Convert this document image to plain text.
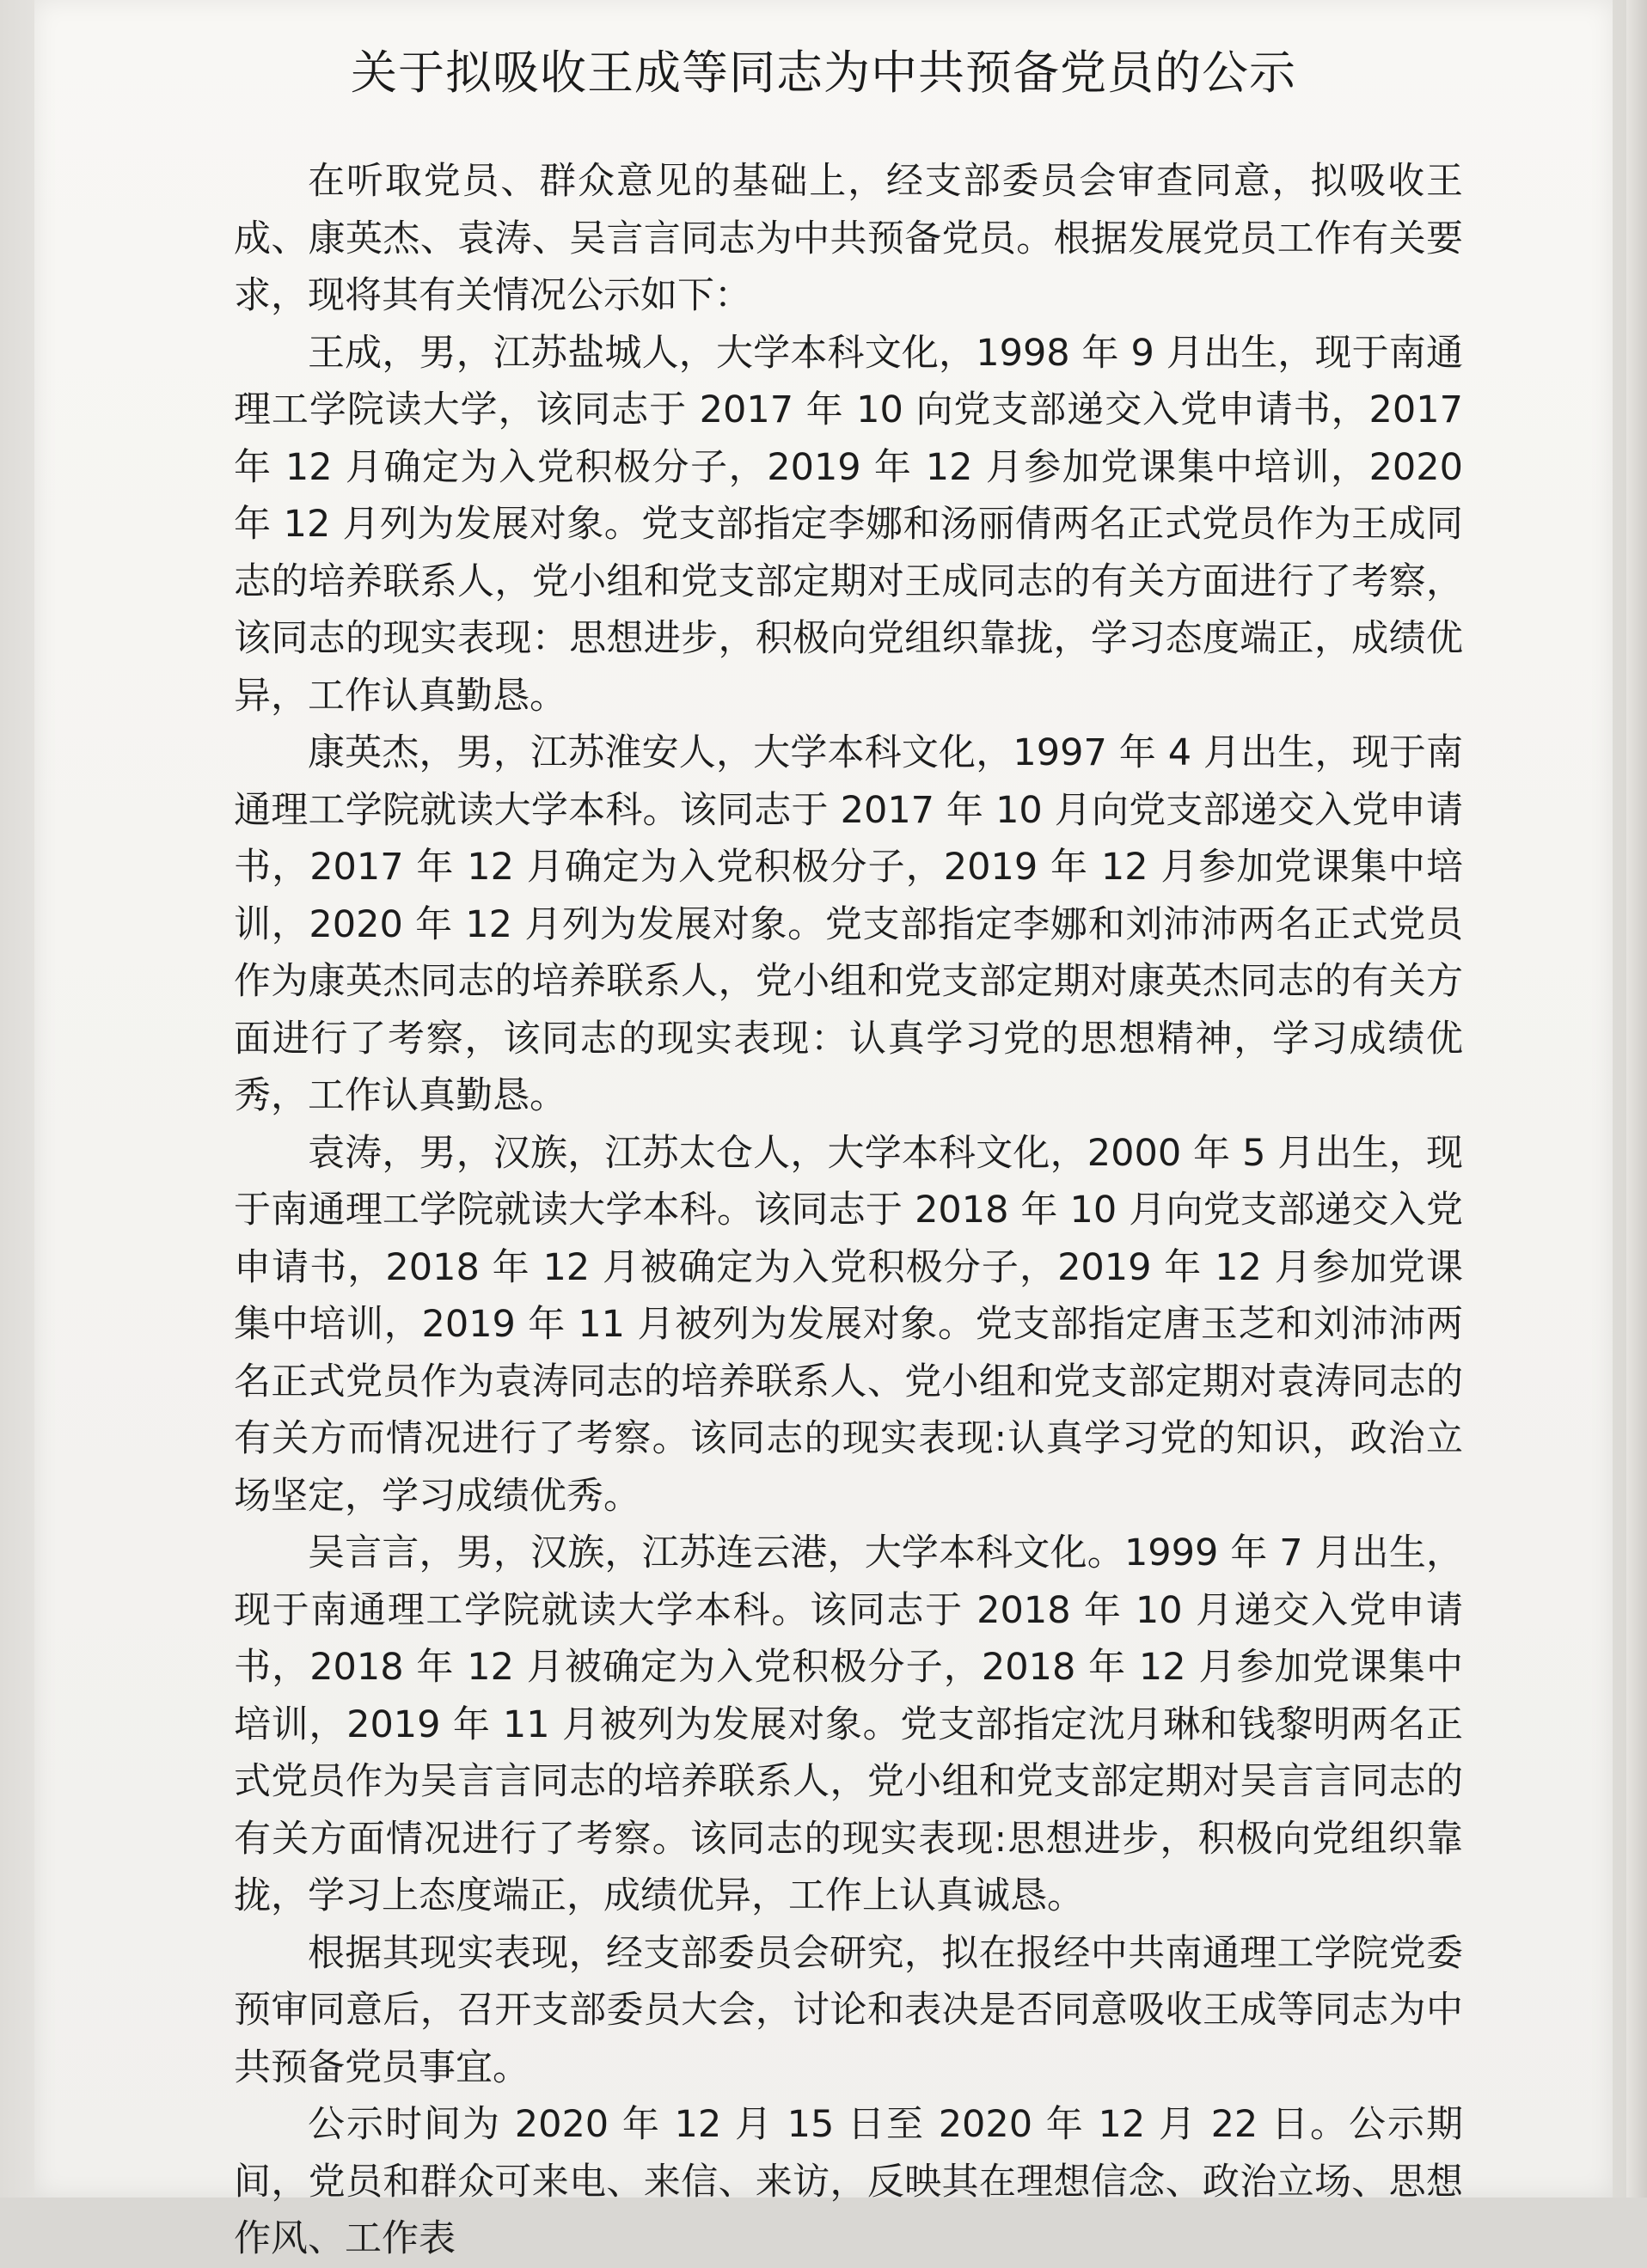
关于拟吸收王成等同志为中共预备党员的公示

在听取党员、群众意见的基础上，经支部委员会审查同意，拟吸收王成、康英杰、袁涛、吴言言同志为中共预备党员。根据发展党员工作有关要求，现将其有关情况公示如下：

王成，男，江苏盐城人，大学本科文化，1998 年 9 月出生，现于南通理工学院读大学，该同志于 2017 年 10 向党支部递交入党申请书，2017 年 12 月确定为入党积极分子，2019 年 12 月参加党课集中培训，2020 年 12 月列为发展对象。党支部指定李娜和汤丽倩两名正式党员作为王成同志的培养联系人，党小组和党支部定期对王成同志的有关方面进行了考察，该同志的现实表现：思想进步，积极向党组织靠拢，学习态度端正，成绩优异，工作认真勤恳。

康英杰，男，江苏淮安人，大学本科文化，1997 年 4 月出生，现于南通理工学院就读大学本科。该同志于 2017 年 10 月向党支部递交入党申请书，2017 年 12 月确定为入党积极分子，2019 年 12 月参加党课集中培训，2020 年 12 月列为发展对象。党支部指定李娜和刘沛沛两名正式党员作为康英杰同志的培养联系人，党小组和党支部定期对康英杰同志的有关方面进行了考察，该同志的现实表现：认真学习党的思想精神，学习成绩优秀，工作认真勤恳。

袁涛，男，汉族，江苏太仓人，大学本科文化，2000 年 5 月出生，现于南通理工学院就读大学本科。该同志于 2018 年 10 月向党支部递交入党申请书，2018 年 12 月被确定为入党积极分子，2019 年 12 月参加党课集中培训，2019 年 11 月被列为发展对象。党支部指定唐玉芝和刘沛沛两名正式党员作为袁涛同志的培养联系人、党小组和党支部定期对袁涛同志的有关方而情况进行了考察。该同志的现实表现:认真学习党的知识，政治立场坚定，学习成绩优秀。

吴言言，男，汉族，江苏连云港，大学本科文化。1999 年 7 月出生，现于南通理工学院就读大学本科。该同志于 2018 年 10 月递交入党申请书，2018 年 12 月被确定为入党积极分子，2018 年 12 月参加党课集中培训，2019 年 11 月被列为发展对象。党支部指定沈月琳和钱黎明两名正式党员作为吴言言同志的培养联系人，党小组和党支部定期对吴言言同志的有关方面情况进行了考察。该同志的现实表现:思想进步，积极向党组织靠拢，学习上态度端正，成绩优异，工作上认真诚恳。

根据其现实表现，经支部委员会研究，拟在报经中共南通理工学院党委预审同意后，召开支部委员大会，讨论和表决是否同意吸收王成等同志为中共预备党员事宜。

公示时间为 2020 年 12 月 15 日至 2020 年 12 月 22 日。公示期间，党员和群众可来电、来信、来访，反映其在理想信念、政治立场、思想作风、工作表
